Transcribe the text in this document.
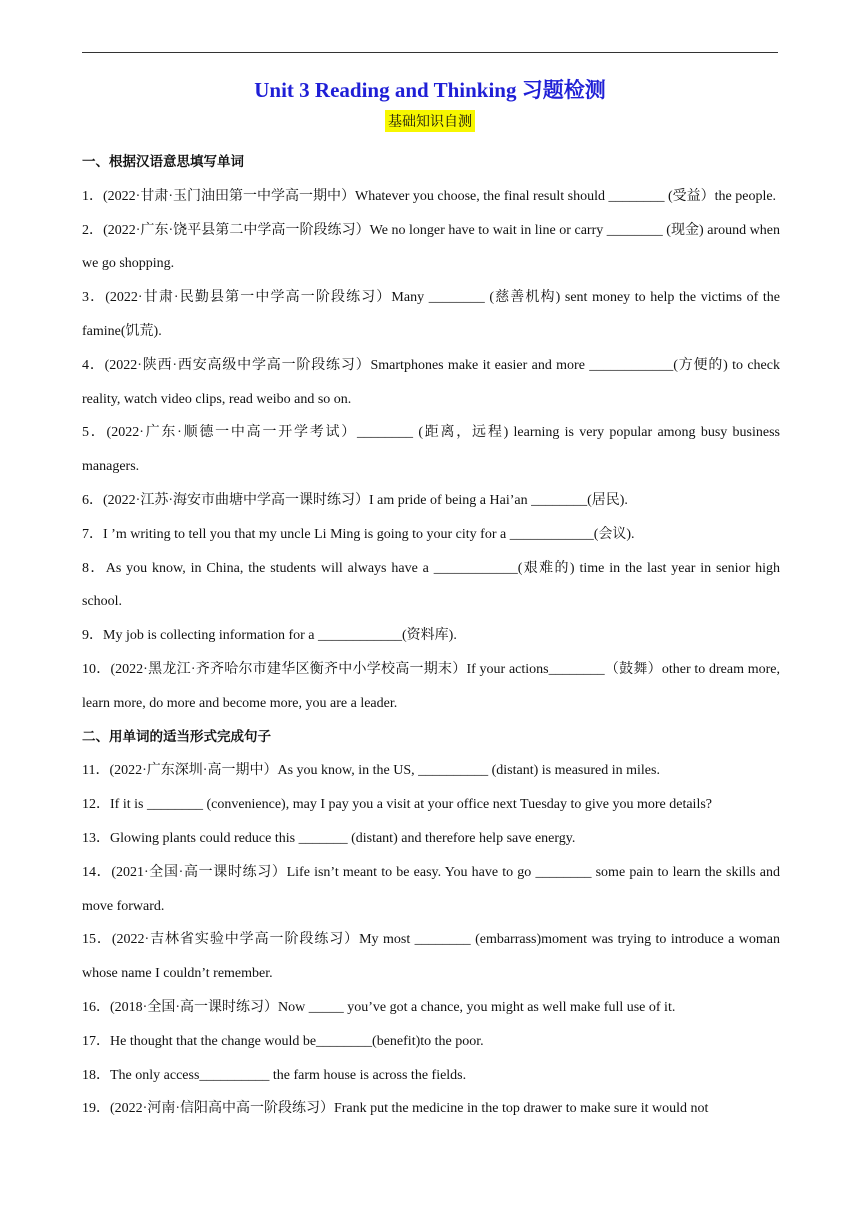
Unit 3 Reading and Thinking 习题检测
基础知识自测
一、根据汉语意思填写单词
1．(2022·甘肃·玉门油田第一中学高一期中）Whatever you choose, the final result should ________ (受益）the people.
2．(2022·广东·饶平县第二中学高一阶段练习）We no longer have to wait in line or carry ________ (现金) around when we go shopping.
3．(2022·甘肃·民勤县第一中学高一阶段练习）Many ________ (慈善机构) sent money to help the victims of the famine(饥荒).
4．(2022·陕西·西安高级中学高一阶段练习）Smartphones make it easier and more ____________(方便的) to check reality, watch video clips, read weibo and so on.
5．(2022·广东·顺德一中高一开学考试）________ (距离，远程) learning is very popular among busy business managers.
6．(2022·江苏·海安市曲塘中学高一课时练习）I am pride of being a Hai’an ________(居民).
7．I ’m writing to tell you that my uncle Li Ming is going to your city for a ____________(会议).
8．As you know, in China, the students will always have a ____________(艰难的) time in the last year in senior high school.
9．My job is collecting information for a ____________(资料库).
10．(2022·黑龙江·齐齐哈尔市建华区衡齐中小学校高一期末）If your actions________（鼓舞）other to dream more, learn more, do more and become more, you are a leader.
二、用单词的适当形式完成句子
11．(2022·广东深圳·高一期中）As you know, in the US, __________ (distant) is measured in miles.
12．If it is ________ (convenience), may I pay you a visit at your office next Tuesday to give you more details?
13．Glowing plants could reduce this _______ (distant) and therefore help save energy.
14．(2021·全国·高一课时练习）Life isn’t meant to be easy. You have to go ________ some pain to learn the skills and move forward.
15．(2022·吉林省实验中学高一阶段练习）My most ________ (embarrass)moment was trying to introduce a woman whose name I couldn’t remember.
16．(2018·全国·高一课时练习）Now _____ you’ve got a chance, you might as well make full use of it.
17．He thought that the change would be________(benefit)to the poor.
18．The only access__________ the farm house is across the fields.
19．(2022·河南·信阳高中高一阶段练习）Frank put the medicine in the top drawer to make sure it would not
